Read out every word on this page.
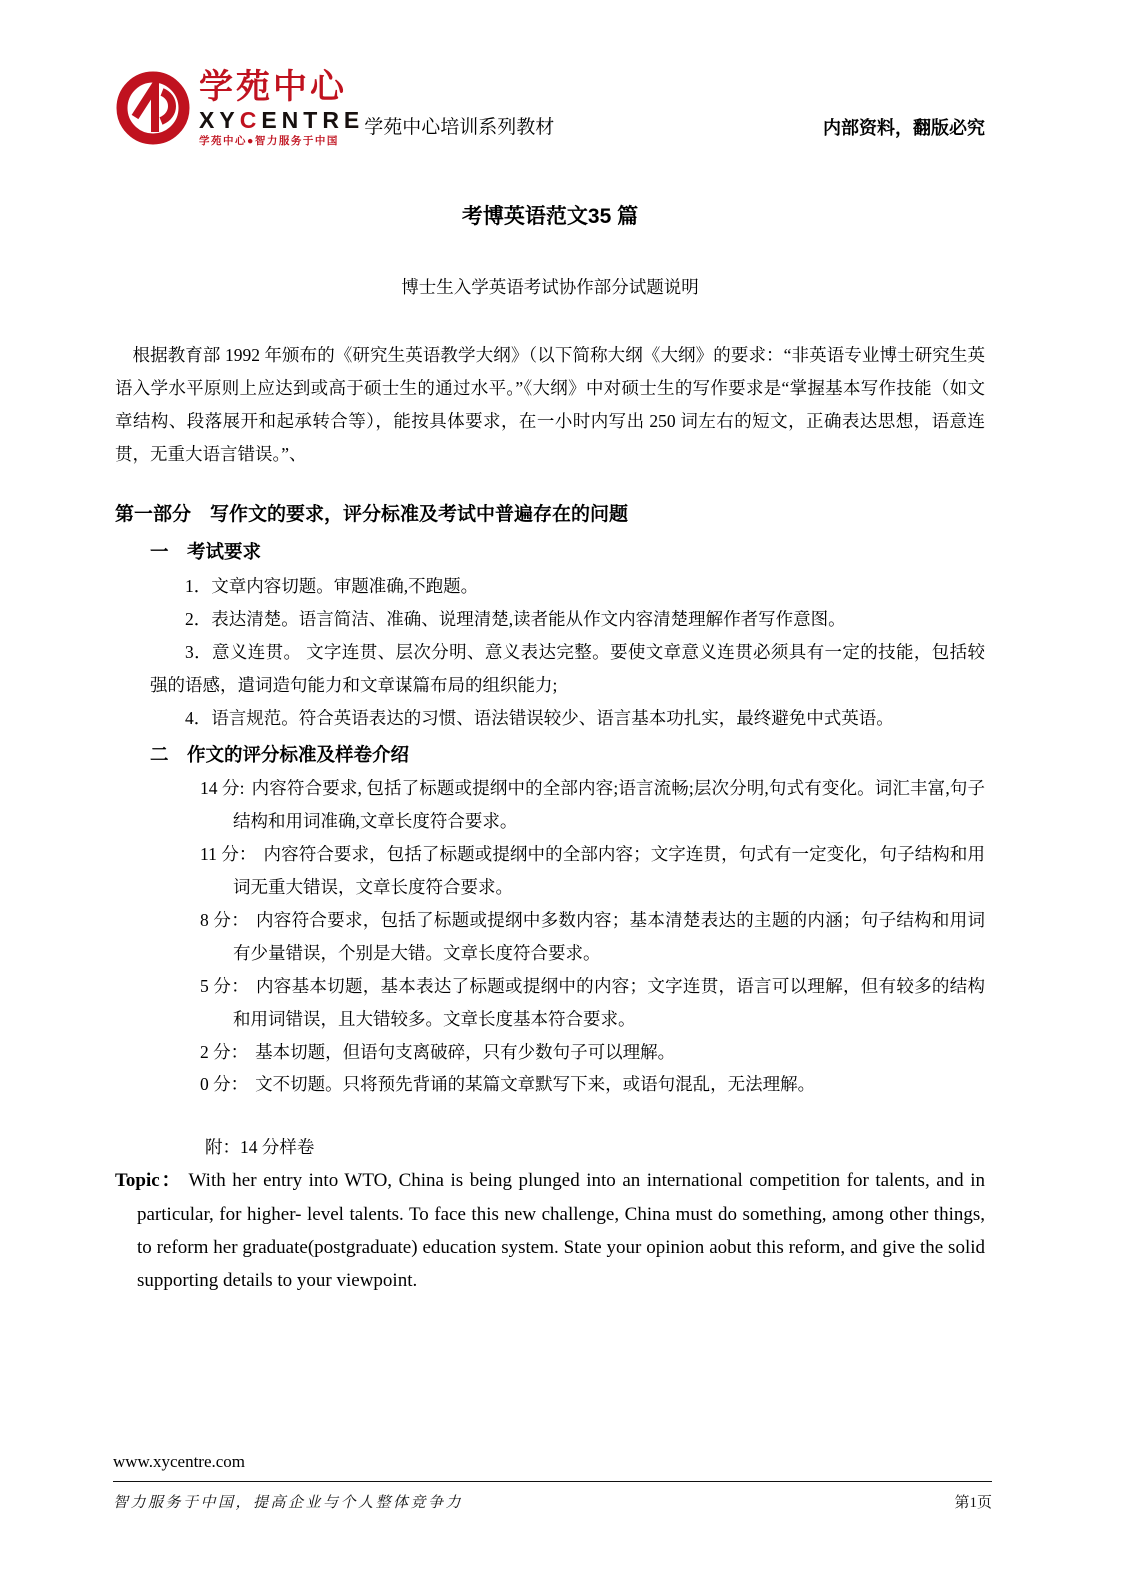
学苑中心
XYCENTRE
学苑中心●智力服务于中国
学苑中心培训系列教材	内部资料，翻版必究
考博英语范文35 篇

博士生入学英语考试协作部分试题说明

根据教育部 1992 年颁布的《研究生英语教学大纲》（以下简称大纲《大纲》的要求：“非英语专业博士研究生英语入学水平原则上应达到或高于硕士生的通过水平。”《大纲》中对硕士生的写作要求是“掌握基本写作技能（如文章结构、段落展开和起承转合等），能按具体要求，在一小时内写出 250 词左右的短文，正确表达思想，语意连贯，无重大语言错误。”、

第一部分　写作文的要求，评分标准及考试中普遍存在的问题
一　考试要求

1．文章内容切题。审题准确,不跑题。

2．表达清楚。语言简洁、准确、说理清楚,读者能从作文内容清楚理解作者写作意图。

3．意义连贯。 文字连贯、层次分明、意义表达完整。要使文章意义连贯必须具有一定的技能，包括较强的语感，遣词造句能力和文章谋篇布局的组织能力;

4．语言规范。符合英语表达的习惯、语法错误较少、语言基本功扎实，最终避免中式英语。

二　作文的评分标准及样卷介绍

14 分: 内容符合要求, 包括了标题或提纲中的全部内容;语言流畅;层次分明,句式有变化。词汇丰富,句子结构和用词准确,文章长度符合要求。

11 分： 内容符合要求，包括了标题或提纲中的全部内容；文字连贯，句式有一定变化，句子结构和用词无重大错误，文章长度符合要求。

8 分： 内容符合要求，包括了标题或提纲中多数内容；基本清楚表达的主题的内涵；句子结构和用词有少量错误，个别是大错。文章长度符合要求。

5 分： 内容基本切题，基本表达了标题或提纲中的内容；文字连贯，语言可以理解，但有较多的结构和用词错误，且大错较多。文章长度基本符合要求。

2 分： 基本切题，但语句支离破碎，只有少数句子可以理解。

0 分： 文不切题。只将预先背诵的某篇文章默写下来，或语句混乱，无法理解。

附：14 分样卷

Topic： With her entry into WTO, China is being plunged into an international competition for talents, and in particular, for higher- level talents. To face this new challenge, China must do something, among other things, to reform her graduate(postgraduate) education system. State your opinion aobut this reform, and give the solid supporting details to your viewpoint.

www.xycentre.com
智力服务于中国，提高企业与个人整体竞争力	第1页
